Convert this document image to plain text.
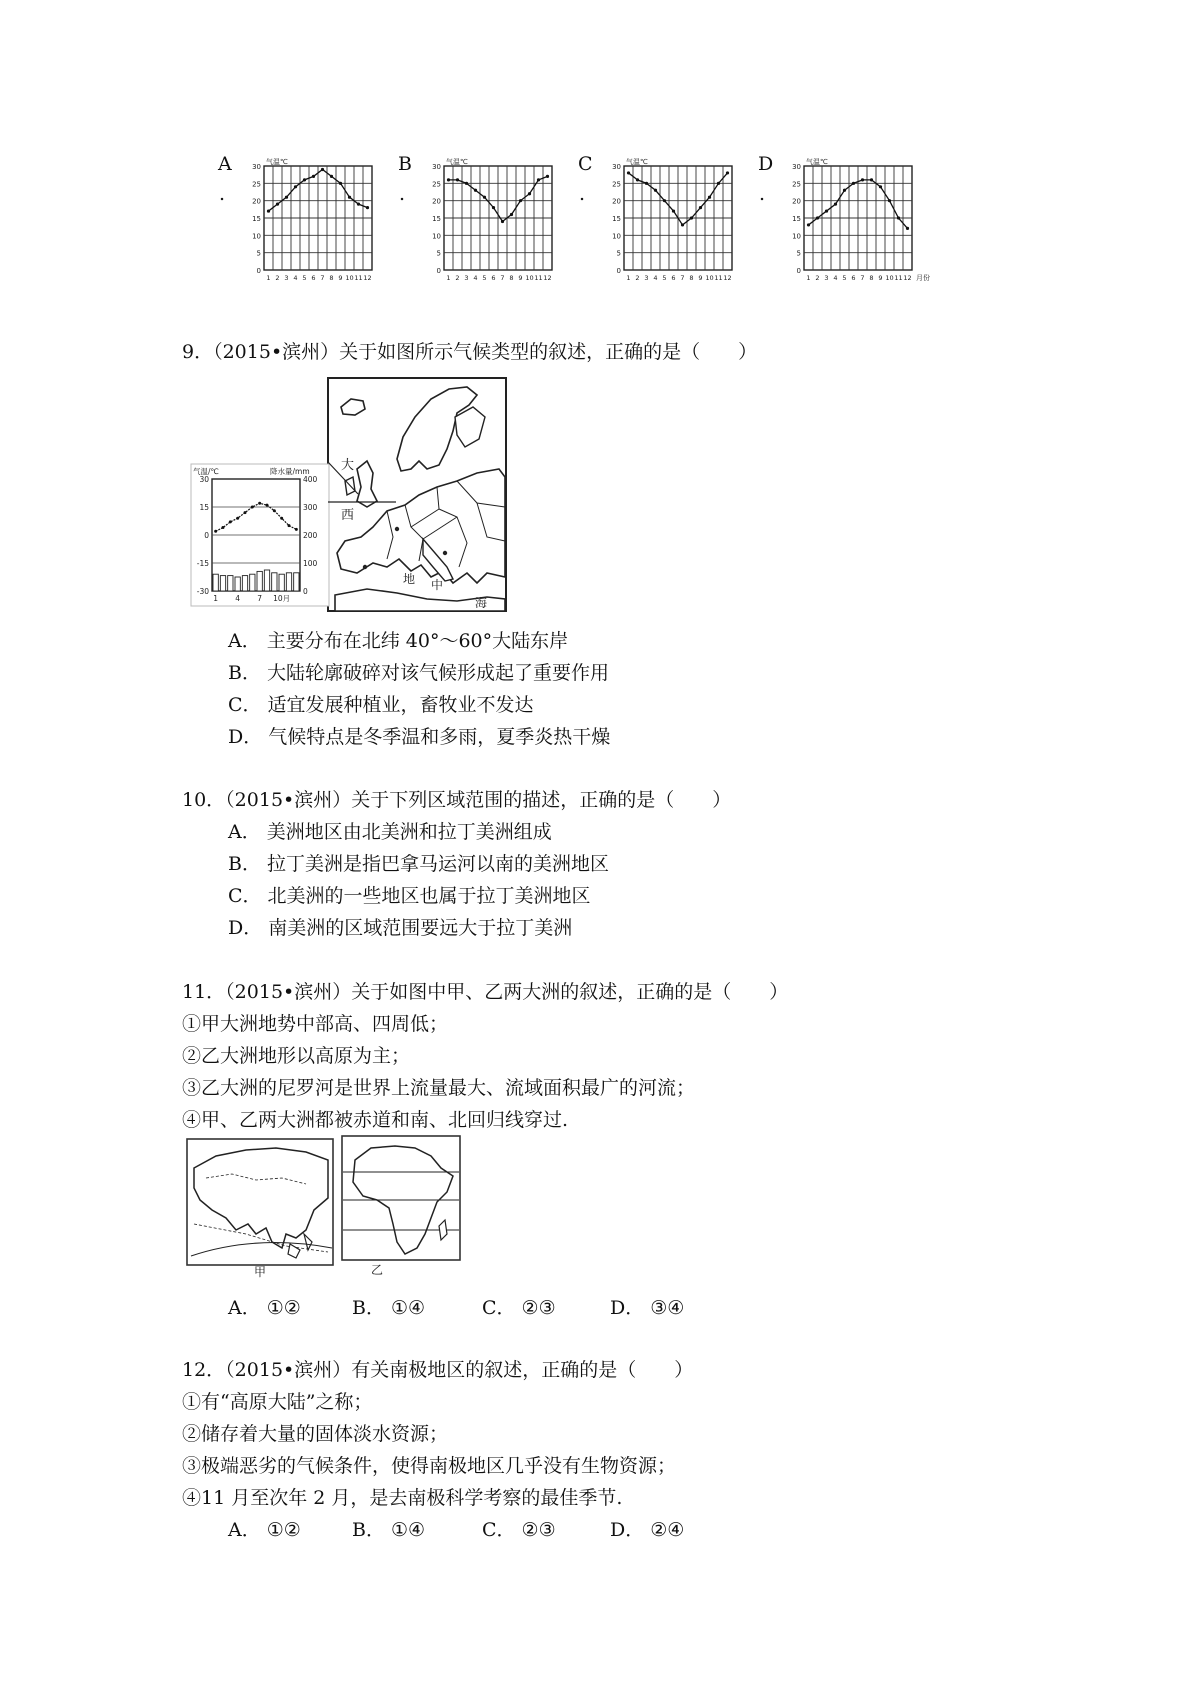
A
.
B
.
C
.
D
.
气温℃
30
25
20
15
10
5
0
1 2 3 4 5 6 7 8 9 10 11 12
气温℃
30
25
20
15
10
5
0
1 2 3 4 5 6 7 8 9 10 11 12
气温℃
30
25
20
15
10
5
0
1 2 3 4 5 6 7 8 9 10 11 12
气温℃
30
25
20
15
10
5
0
1 2 3 4 5 6 7 8 9 10 11 12 月份
9．（2015•滨州）关于如图所示气候类型的叙述，正确的是（　　）
大
西
地 中
海
气温/℃	降水量/mm
30
15
0
-15
-30
400
300
200
100
0
1 4 7 10月
A． 主要分布在北纬 40°～60°大陆东岸
B． 大陆轮廓破碎对该气候形成起了重要作用
C． 适宜发展种植业，畜牧业不发达
D． 气候特点是冬季温和多雨，夏季炎热干燥
10．（2015•滨州）关于下列区域范围的描述，正确的是（　　）
A． 美洲地区由北美洲和拉丁美洲组成
B． 拉丁美洲是指巴拿马运河以南的美洲地区
C． 北美洲的一些地区也属于拉丁美洲地区
D． 南美洲的区域范围要远大于拉丁美洲
11．（2015•滨州）关于如图中甲、乙两大洲的叙述，正确的是（　　）
①甲大洲地势中部高、四周低；
②乙大洲地形以高原为主；
③乙大洲的尼罗河是世界上流量最大、流域面积最广的河流；
④甲、乙两大洲都被赤道和南、北回归线穿过.
甲	乙
A． ①②	B． ①④	C． ②③	D． ③④
12．（2015•滨州）有关南极地区的叙述，正确的是（　　）
①有“高原大陆”之称；
②储存着大量的固体淡水资源；
③极端恶劣的气候条件，使得南极地区几乎没有生物资源；
④11 月至次年 2 月，是去南极科学考察的最佳季节.
A． ①②	B． ①④	C． ②③	D． ②④
